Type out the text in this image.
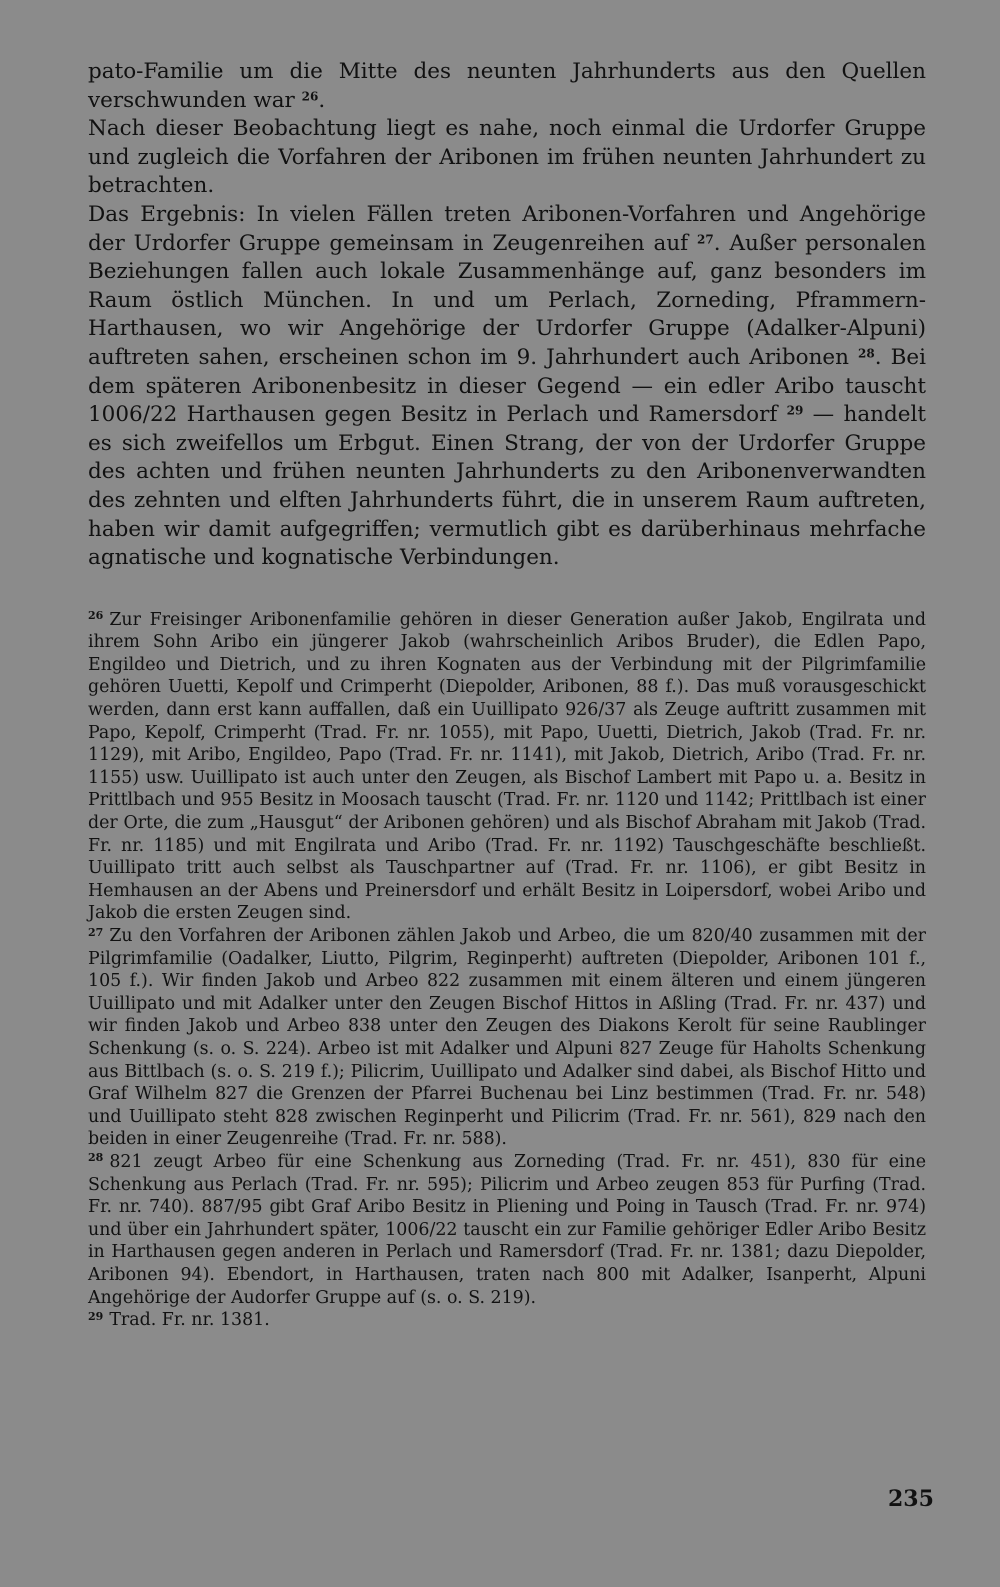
pato-Familie um die Mitte des neunten Jahrhunderts aus den Quellen verschwunden war $^{26}$.

Nach dieser Beobachtung liegt es nahe, noch einmal die Urdorfer Gruppe und zugleich die Vorfahren der Aribonen im frühen neunten Jahrhundert zu betrachten.

Das Ergebnis: In vielen Fällen treten Aribonen-Vorfahren und Angehörige der Urdorfer Gruppe gemeinsam in Zeugenreihen auf $^{27}$. Außer personalen Beziehungen fallen auch lokale Zusammenhänge auf, ganz besonders im Raum östlich München. In und um Perlach, Zorneding, Pframmern-Harthausen, wo wir Angehörige der Urdorfer Gruppe (Adalker-Alpuni) auftreten sahen, erscheinen schon im 9. Jahrhundert auch Aribonen $^{28}$. Bei dem späteren Aribonenbesitz in dieser Gegend — ein edler Aribo tauscht 1006/22 Harthausen gegen Besitz in Perlach und Ramersdorf $^{29}$ — handelt es sich zweifellos um Erbgut. Einen Strang, der von der Urdorfer Gruppe des achten und frühen neunten Jahrhunderts zu den Aribonenverwandten des zehnten und elften Jahrhunderts führt, die in unserem Raum auftreten, haben wir damit aufgegriffen; vermutlich gibt es darüberhinaus mehrfache agnatische und kognatische Verbindungen.

$^{26}$ Zur Freisinger Aribonenfamilie gehören in dieser Generation außer Jakob, Engilrata und ihrem Sohn Aribo ein jüngerer Jakob (wahrscheinlich Aribos Bruder), die Edlen Papo, Engildeo und Dietrich, und zu ihren Kognaten aus der Verbindung mit der Pilgrimfamilie gehören Uuetti, Kepolf und Crimperht (Diepolder, Aribonen, 88 f.). Das muß vorausgeschickt werden, dann erst kann auffallen, daß ein Uuillipato 926/37 als Zeuge auftritt zusammen mit Papo, Kepolf, Crimperht (Trad. Fr. nr. 1055), mit Papo, Uuetti, Dietrich, Jakob (Trad. Fr. nr. 1129), mit Aribo, Engildeo, Papo (Trad. Fr. nr. 1141), mit Jakob, Dietrich, Aribo (Trad. Fr. nr. 1155) usw. Uuillipato ist auch unter den Zeugen, als Bischof Lambert mit Papo u. a. Besitz in Prittlbach und 955 Besitz in Moosach tauscht (Trad. Fr. nr. 1120 und 1142; Prittlbach ist einer der Orte, die zum „Hausgut“ der Aribonen gehören) und als Bischof Abraham mit Jakob (Trad. Fr. nr. 1185) und mit Engilrata und Aribo (Trad. Fr. nr. 1192) Tauschgeschäfte beschließt. Uuillipato tritt auch selbst als Tauschpartner auf (Trad. Fr. nr. 1106), er gibt Besitz in Hemhausen an der Abens und Preinersdorf und erhält Besitz in Loipersdorf, wobei Aribo und Jakob die ersten Zeugen sind.

$^{27}$ Zu den Vorfahren der Aribonen zählen Jakob und Arbeo, die um 820/40 zusammen mit der Pilgrimfamilie (Oadalker, Liutto, Pilgrim, Reginperht) auftreten (Diepolder, Aribonen 101 f., 105 f.). Wir finden Jakob und Arbeo 822 zusammen mit einem älteren und einem jüngeren Uuillipato und mit Adalker unter den Zeugen Bischof Hittos in Aßling (Trad. Fr. nr. 437) und wir finden Jakob und Arbeo 838 unter den Zeugen des Diakons Kerolt für seine Raublinger Schenkung (s. o. S. 224). Arbeo ist mit Adalker und Alpuni 827 Zeuge für Haholts Schenkung aus Bittlbach (s. o. S. 219 f.); Pilicrim, Uuillipato und Adalker sind dabei, als Bischof Hitto und Graf Wilhelm 827 die Grenzen der Pfarrei Buchenau bei Linz bestimmen (Trad. Fr. nr. 548) und Uuillipato steht 828 zwischen Reginperht und Pilicrim (Trad. Fr. nr. 561), 829 nach den beiden in einer Zeugenreihe (Trad. Fr. nr. 588).

$^{28}$ 821 zeugt Arbeo für eine Schenkung aus Zorneding (Trad. Fr. nr. 451), 830 für eine Schenkung aus Perlach (Trad. Fr. nr. 595); Pilicrim und Arbeo zeugen 853 für Purfing (Trad. Fr. nr. 740). 887/95 gibt Graf Aribo Besitz in Pliening und Poing in Tausch (Trad. Fr. nr. 974) und über ein Jahrhundert später, 1006/22 tauscht ein zur Familie gehöriger Edler Aribo Besitz in Harthausen gegen anderen in Perlach und Ramersdorf (Trad. Fr. nr. 1381; dazu Diepolder, Aribonen 94). Ebendort, in Harthausen, traten nach 800 mit Adalker, Isanperht, Alpuni Angehörige der Audorfer Gruppe auf (s. o. S. 219).

$^{29}$ Trad. Fr. nr. 1381.

235
